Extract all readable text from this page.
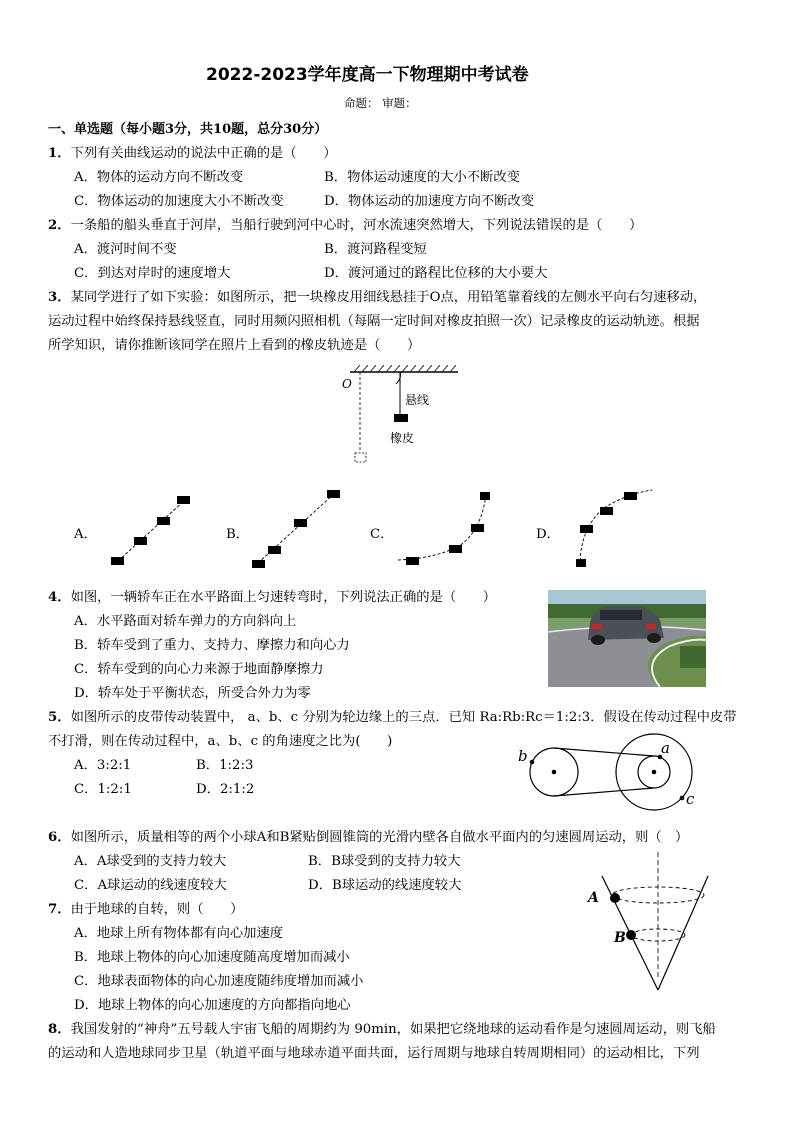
2022-2023学年度高一下物理期中考试卷
命题： 审题：
一、单选题（每小题3分，共10题，总分30分）
1．下列有关曲线运动的说法中正确的是（　　）
A．物体的运动方向不断改变	B．物体运动速度的大小不断改变
C．物体运动的加速度大小不断改变	D．物体运动的加速度方向不断改变
2．一条船的船头垂直于河岸，当船行驶到河中心时，河水流速突然增大，下列说法错误的是（　　）
A．渡河时间不变	B．渡河路程变短
C．到达对岸时的速度增大	D．渡河通过的路程比位移的大小要大
3．某同学进行了如下实验：如图所示，把一块橡皮用细线悬挂于O点，用铅笔靠着线的左侧水平向右匀速移动，
运动过程中始终保持悬线竖直，同时用频闪照相机（每隔一定时间对橡皮拍照一次）记录橡皮的运动轨迹。根据
所学知识，请你推断该同学在照片上看到的橡皮轨迹是（　　）
O
悬线
橡皮
A．	B．	C．	D．
4．如图，一辆轿车正在水平路面上匀速转弯时，下列说法正确的是（　　）
A．水平路面对轿车弹力的方向斜向上
B．轿车受到了重力、支持力、摩擦力和向心力
C．轿车受到的向心力来源于地面静摩擦力
D．轿车处于平衡状态，所受合外力为零
5．如图所示的皮带传动装置中， a、b、c 分别为轮边缘上的三点．已知 Ra:Rb:Rc＝1:2:3．假设在传动过程中皮带
不打滑，则在传动过程中，a、b、c 的角速度之比为(　　)
A．3:2:1	B．1:2:3
C．1:2:1	D．2:1:2
b	a
c
6．如图所示，质量相等的两个小球A和B紧贴倒圆锥筒的光滑内壁各自做水平面内的匀速圆周运动，则（　）
A．A球受到的支持力较大	B．B球受到的支持力较大
C．A球运动的线速度较大	D．B球运动的线速度较大
A
B
7．由于地球的自转，则（　　）
A．地球上所有物体都有向心加速度
B．地球上物体的向心加速度随高度增加而减小
C．地球表面物体的向心加速度随纬度增加而减小
D．地球上物体的向心加速度的方向都指向地心
8．我国发射的“神舟”五号载人宇宙飞船的周期约为 90min，如果把它绕地球的运动看作是匀速圆周运动，则飞船
的运动和人造地球同步卫星（轨道平面与地球赤道平面共面，运行周期与地球自转周期相同）的运动相比，下列
